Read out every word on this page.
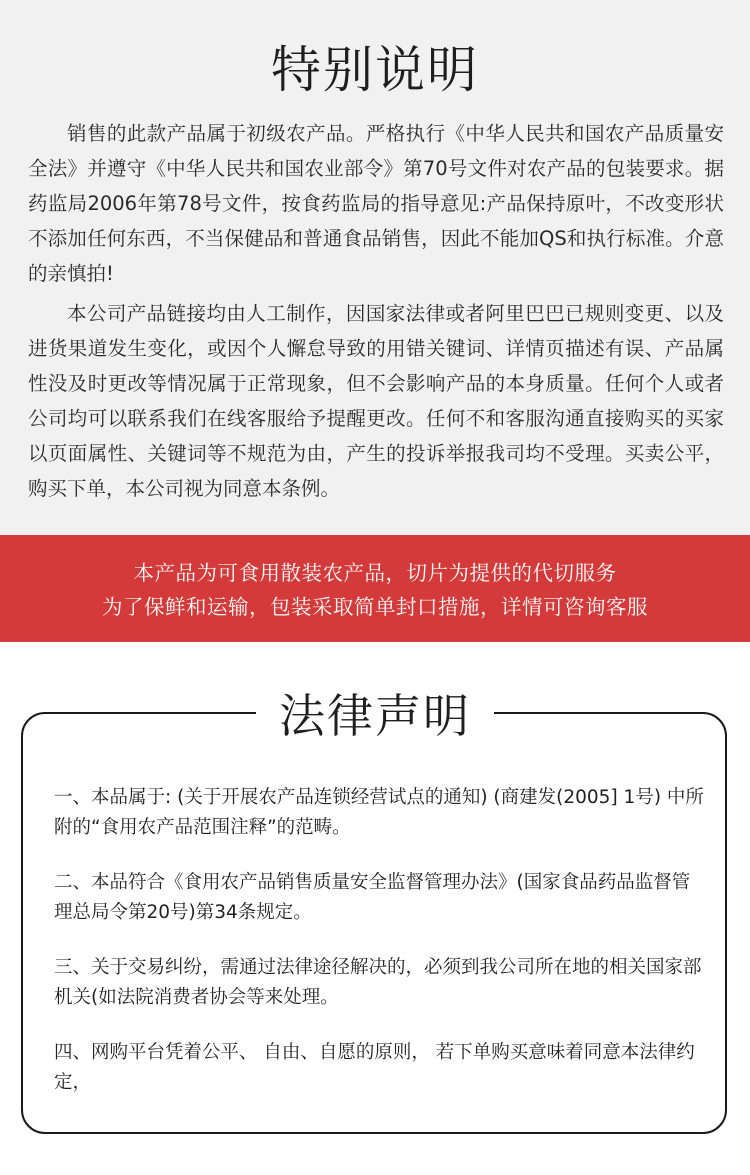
特别说明

销售的此款产品属于初级农产品。严格执行《中华人民共和国农产品质量安全法》并遵守《中华人民共和国农业部令》第70号文件对农产品的包装要求。据药监局2006年第78号文件，按食药监局的指导意见:产品保持原叶，不改变形状不添加任何东西，不当保健品和普通食品销售，因此不能加QS和执行标准。介意的亲慎拍!

本公司产品链接均由人工制作，因国家法律或者阿里巴巴已规则变更、以及进货果道发生变化，或因个人懈怠导致的用错关键词、详情页描述有误、产品属性没及时更改等情况属于正常现象，但不会影响产品的本身质量。任何个人或者公司均可以联系我们在线客服给予提醒更改。任何不和客服沟通直接购买的买家以页面属性、关键词等不规范为由，产生的投诉举报我司均不受理。买卖公平，购买下单，本公司视为同意本条例。

本产品为可食用散装农产品，切片为提供的代切服务
为了保鲜和运输，包装采取简单封口措施，详情可咨询客服
法律声明

一、本品属于: (关于开展农产品连锁经营试点的通知) (商建发(2005] 1号) 中所附的“食用农产品范围注释”的范畴。

二、本品符合《食用农产品销售质量安全监督管理办法》(国家食品药品监督管理总局令第20号)第34条规定。

三、关于交易纠纷，需通过法律途径解决的，必须到我公司所在地的相关国家部机关(如法院消费者协会等来处理。

四、网购平台凭着公平、 自由、自愿的原则， 若下单购买意味着同意本法律约定，
